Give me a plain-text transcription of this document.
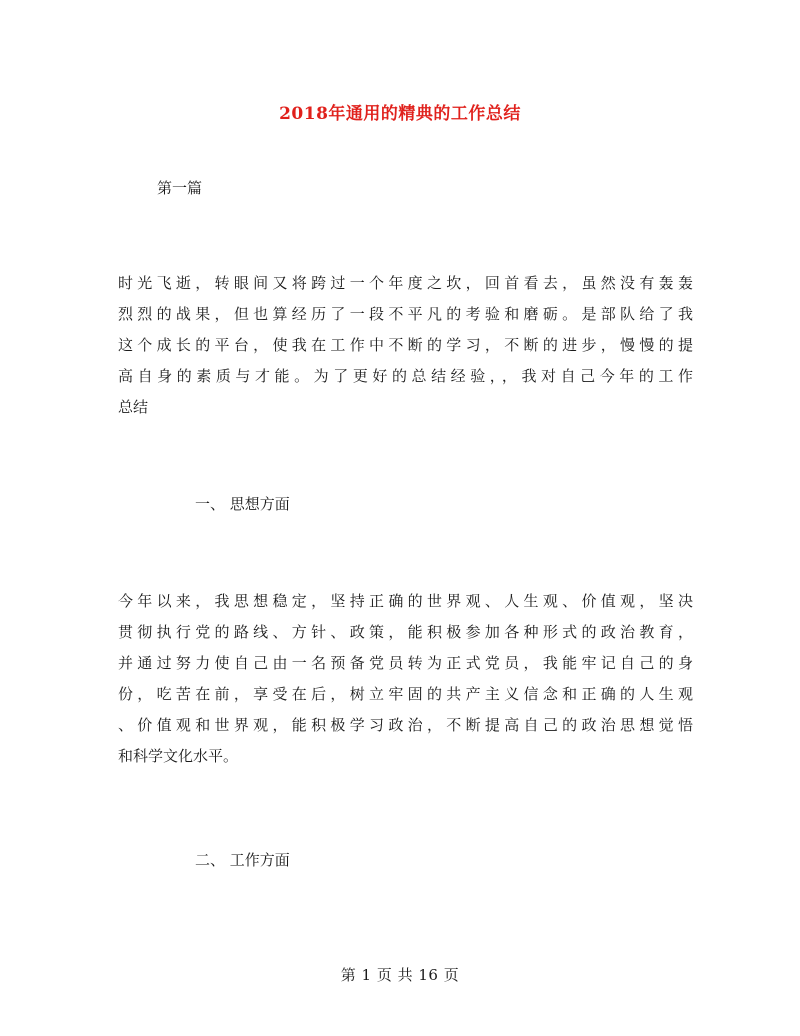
2018年通用的精典的工作总结
第一篇
时光飞逝，转眼间又将跨过一个年度之坎，回首看去，虽然没有轰轰
烈烈的战果，但也算经历了一段不平凡的考验和磨砺。是部队给了我
这个成长的平台，使我在工作中不断的学习，不断的进步，慢慢的提
高自身的素质与才能。为了更好的总结经验，，我对自己今年的工作
总结
一、 思想方面
今年以来，我思想稳定，坚持正确的世界观、人生观、价值观，坚决
贯彻执行党的路线、方针、政策，能积极参加各种形式的政治教育，
并通过努力使自己由一名预备党员转为正式党员，我能牢记自己的身
份，吃苦在前，享受在后，树立牢固的共产主义信念和正确的人生观
、价值观和世界观，能积极学习政治，不断提高自己的政治思想觉悟
和科学文化水平。
二、 工作方面
第 1 页 共 16 页
